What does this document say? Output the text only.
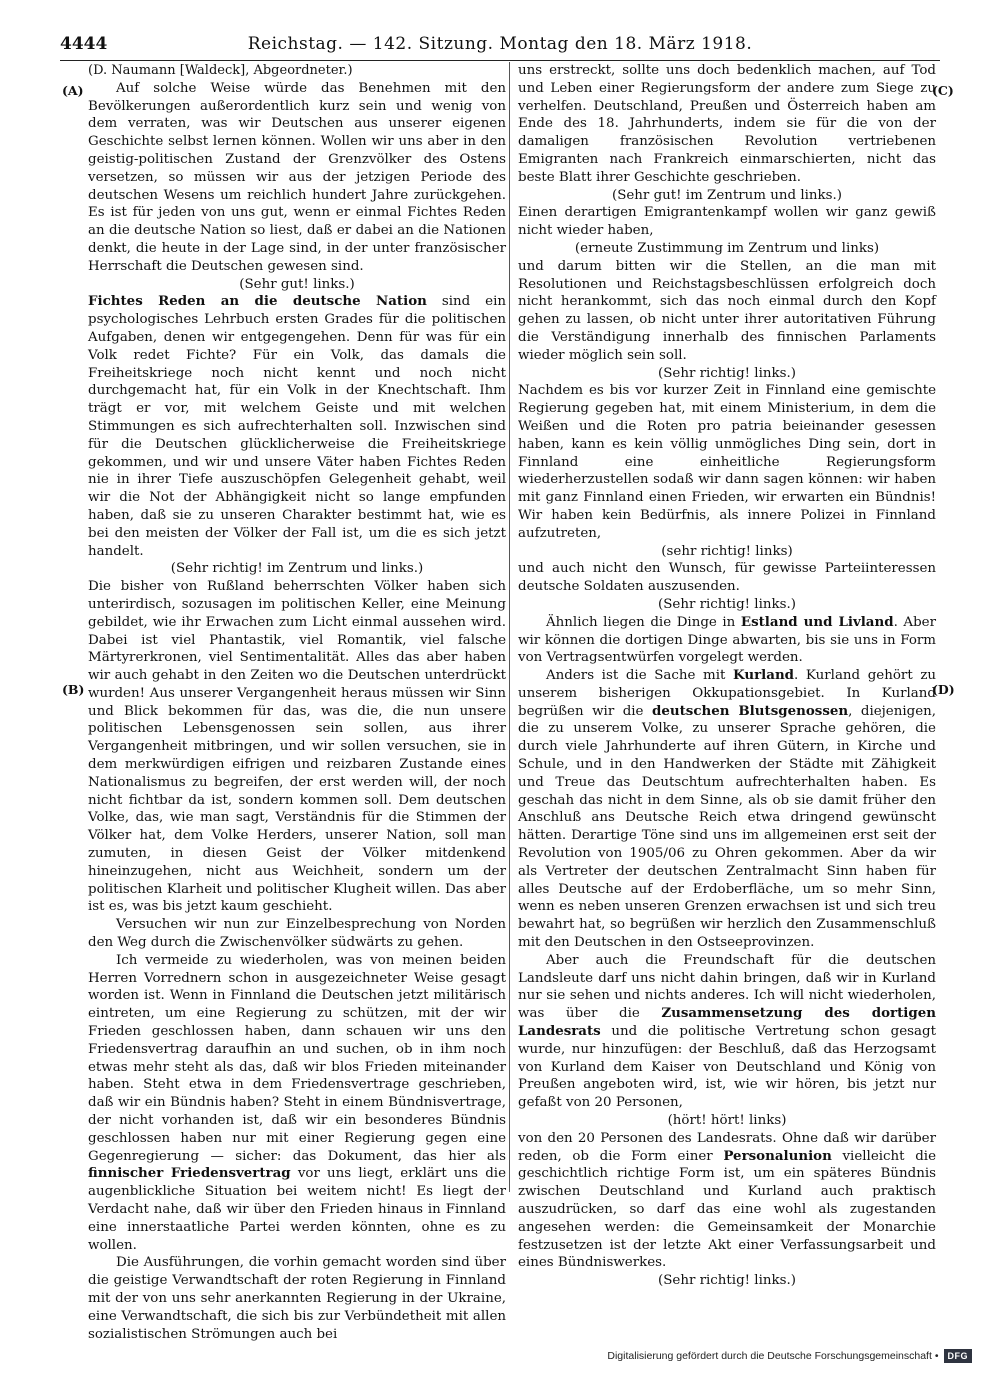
4444	Reichstag. — 142. Sitzung. Montag den 18. März 1918.
(A)
(B)
(C)
(D)

(D. Naumann [Waldeck], Abgeordneter.)

Auf solche Weise würde das Benehmen mit den Bevölkerungen außerordentlich kurz sein und wenig von dem verraten, was wir Deutschen aus unserer eigenen Geschichte selbst lernen können. Wollen wir uns aber in den geistig-politischen Zustand der Grenzvölker des Ostens versetzen, so müssen wir aus der jetzigen Periode des deutschen Wesens um reichlich hundert Jahre zurückgehen. Es ist für jeden von uns gut, wenn er einmal Fichtes Reden an die deutsche Nation so liest, daß er dabei an die Nationen denkt, die heute in der Lage sind, in der unter französischer Herrschaft die Deutschen gewesen sind.

(Sehr gut! links.)

Fichtes Reden an die deutsche Nation sind ein psychologisches Lehrbuch ersten Grades für die politischen Aufgaben, denen wir entgegengehen. Denn für was für ein Volk redet Fichte? Für ein Volk, das damals die Freiheitskriege noch nicht kennt und noch nicht durchgemacht hat, für ein Volk in der Knechtschaft. Ihm trägt er vor, mit welchem Geiste und mit welchen Stimmungen es sich aufrechterhalten soll. Inzwischen sind für die Deutschen glücklicherweise die Freiheitskriege gekommen, und wir und unsere Väter haben Fichtes Reden nie in ihrer Tiefe auszuschöpfen Gelegenheit gehabt, weil wir die Not der Abhängigkeit nicht so lange empfunden haben, daß sie zu unseren Charakter bestimmt hat, wie es bei den meisten der Völker der Fall ist, um die es sich jetzt handelt.

(Sehr richtig! im Zentrum und links.)

Die bisher von Rußland beherrschten Völker haben sich unterirdisch, sozusagen im politischen Keller, eine Meinung gebildet, wie ihr Erwachen zum Licht einmal aussehen wird. Dabei ist viel Phantastik, viel Romantik, viel falsche Märtyrerkronen, viel Sentimentalität. Alles das aber haben wir auch gehabt in den Zeiten wo die Deutschen unterdrückt wurden! Aus unserer Vergangenheit heraus müssen wir Sinn und Blick bekommen für das, was die, die nun unsere politischen Lebensgenossen sein sollen, aus ihrer Vergangenheit mitbringen, und wir sollen versuchen, sie in dem merkwürdigen eifrigen und reizbaren Zustande eines Nationalismus zu begreifen, der erst werden will, der noch nicht fichtbar da ist, sondern kommen soll. Dem deutschen Volke, das, wie man sagt, Verständnis für die Stimmen der Völker hat, dem Volke Herders, unserer Nation, soll man zumuten, in diesen Geist der Völker mitdenkend hineinzugehen, nicht aus Weichheit, sondern um der politischen Klarheit und politischer Klugheit willen. Das aber ist es, was bis jetzt kaum geschieht.

Versuchen wir nun zur Einzelbesprechung von Norden den Weg durch die Zwischenvölker südwärts zu gehen.

Ich vermeide zu wiederholen, was von meinen beiden Herren Vorrednern schon in ausgezeichneter Weise gesagt worden ist. Wenn in Finnland die Deutschen jetzt militärisch eintreten, um eine Regierung zu schützen, mit der wir Frieden geschlossen haben, dann schauen wir uns den Friedensvertrag daraufhin an und suchen, ob in ihm noch etwas mehr steht als das, daß wir blos Frieden miteinander haben. Steht etwa in dem Friedensvertrage geschrieben, daß wir ein Bündnis haben? Steht in einem Bündnisvertrage, der nicht vorhanden ist, daß wir ein besonderes Bündnis geschlossen haben nur mit einer Regierung gegen eine Gegenregierung — sicher: das Dokument, das hier als finnischer Friedensvertrag vor uns liegt, erklärt uns die augenblickliche Situation bei weitem nicht! Es liegt der Verdacht nahe, daß wir über den Frieden hinaus in Finnland eine innerstaatliche Partei werden könnten, ohne es zu wollen.

Die Ausführungen, die vorhin gemacht worden sind über die geistige Verwandtschaft der roten Regierung in Finnland mit der von uns sehr anerkannten Regierung in der Ukraine, eine Verwandtschaft, die sich bis zur Verbündetheit mit allen sozialistischen Strömungen auch bei

uns erstreckt, sollte uns doch bedenklich machen, auf Tod und Leben einer Regierungsform der andere zum Siege zu verhelfen. Deutschland, Preußen und Österreich haben am Ende des 18. Jahrhunderts, indem sie für die von der damaligen französischen Revolution vertriebenen Emigranten nach Frankreich einmarschierten, nicht das beste Blatt ihrer Geschichte geschrieben.

(Sehr gut! im Zentrum und links.)

Einen derartigen Emigrantenkampf wollen wir ganz gewiß nicht wieder haben,

(erneute Zustimmung im Zentrum und links)

und darum bitten wir die Stellen, an die man mit Resolutionen und Reichstagsbeschlüssen erfolgreich doch nicht herankommt, sich das noch einmal durch den Kopf gehen zu lassen, ob nicht unter ihrer autoritativen Führung die Verständigung innerhalb des finnischen Parlaments wieder möglich sein soll.

(Sehr richtig! links.)

Nachdem es bis vor kurzer Zeit in Finnland eine gemischte Regierung gegeben hat, mit einem Ministerium, in dem die Weißen und die Roten pro patria beieinander gesessen haben, kann es kein völlig unmögliches Ding sein, dort in Finnland eine einheitliche Regierungsform wiederherzustellen sodaß wir dann sagen können: wir haben mit ganz Finnland einen Frieden, wir erwarten ein Bündnis! Wir haben kein Bedürfnis, als innere Polizei in Finnland aufzutreten,

(sehr richtig! links)

und auch nicht den Wunsch, für gewisse Parteiinteressen deutsche Soldaten auszusenden.

(Sehr richtig! links.)

Ähnlich liegen die Dinge in Estland und Livland. Aber wir können die dortigen Dinge abwarten, bis sie uns in Form von Vertragsentwürfen vorgelegt werden.

Anders ist die Sache mit Kurland. Kurland gehört zu unserem bisherigen Okkupationsgebiet. In Kurland begrüßen wir die deutschen Blutsgenossen, diejenigen, die zu unserem Volke, zu unserer Sprache gehören, die durch viele Jahrhunderte auf ihren Gütern, in Kirche und Schule, und in den Handwerken der Städte mit Zähigkeit und Treue das Deutschtum aufrechterhalten haben. Es geschah das nicht in dem Sinne, als ob sie damit früher den Anschluß ans Deutsche Reich etwa dringend gewünscht hätten. Derartige Töne sind uns im allgemeinen erst seit der Revolution von 1905/06 zu Ohren gekommen. Aber da wir als Vertreter der deutschen Zentralmacht Sinn haben für alles Deutsche auf der Erdoberfläche, um so mehr Sinn, wenn es neben unseren Grenzen erwachsen ist und sich treu bewahrt hat, so begrüßen wir herzlich den Zusammenschluß mit den Deutschen in den Ostseeprovinzen.

Aber auch die Freundschaft für die deutschen Landsleute darf uns nicht dahin bringen, daß wir in Kurland nur sie sehen und nichts anderes. Ich will nicht wiederholen, was über die Zusammensetzung des dortigen Landesrats und die politische Vertretung schon gesagt wurde, nur hinzufügen: der Beschluß, daß das Herzogsamt von Kurland dem Kaiser von Deutschland und König von Preußen angeboten wird, ist, wie wir hören, bis jetzt nur gefaßt von 20 Personen,

(hört! hört! links)

von den 20 Personen des Landesrats. Ohne daß wir darüber reden, ob die Form einer Personalunion vielleicht die geschichtlich richtige Form ist, um ein späteres Bündnis zwischen Deutschland und Kurland auch praktisch auszudrücken, so darf das eine wohl als zugestanden angesehen werden: die Gemeinsamkeit der Monarchie festzusetzen ist der letzte Akt einer Verfassungsarbeit und eines Bündniswerkes.

(Sehr richtig! links.)

Digitalisierung gefördert durch die Deutsche Forschungsgemeinschaft •	DFG
